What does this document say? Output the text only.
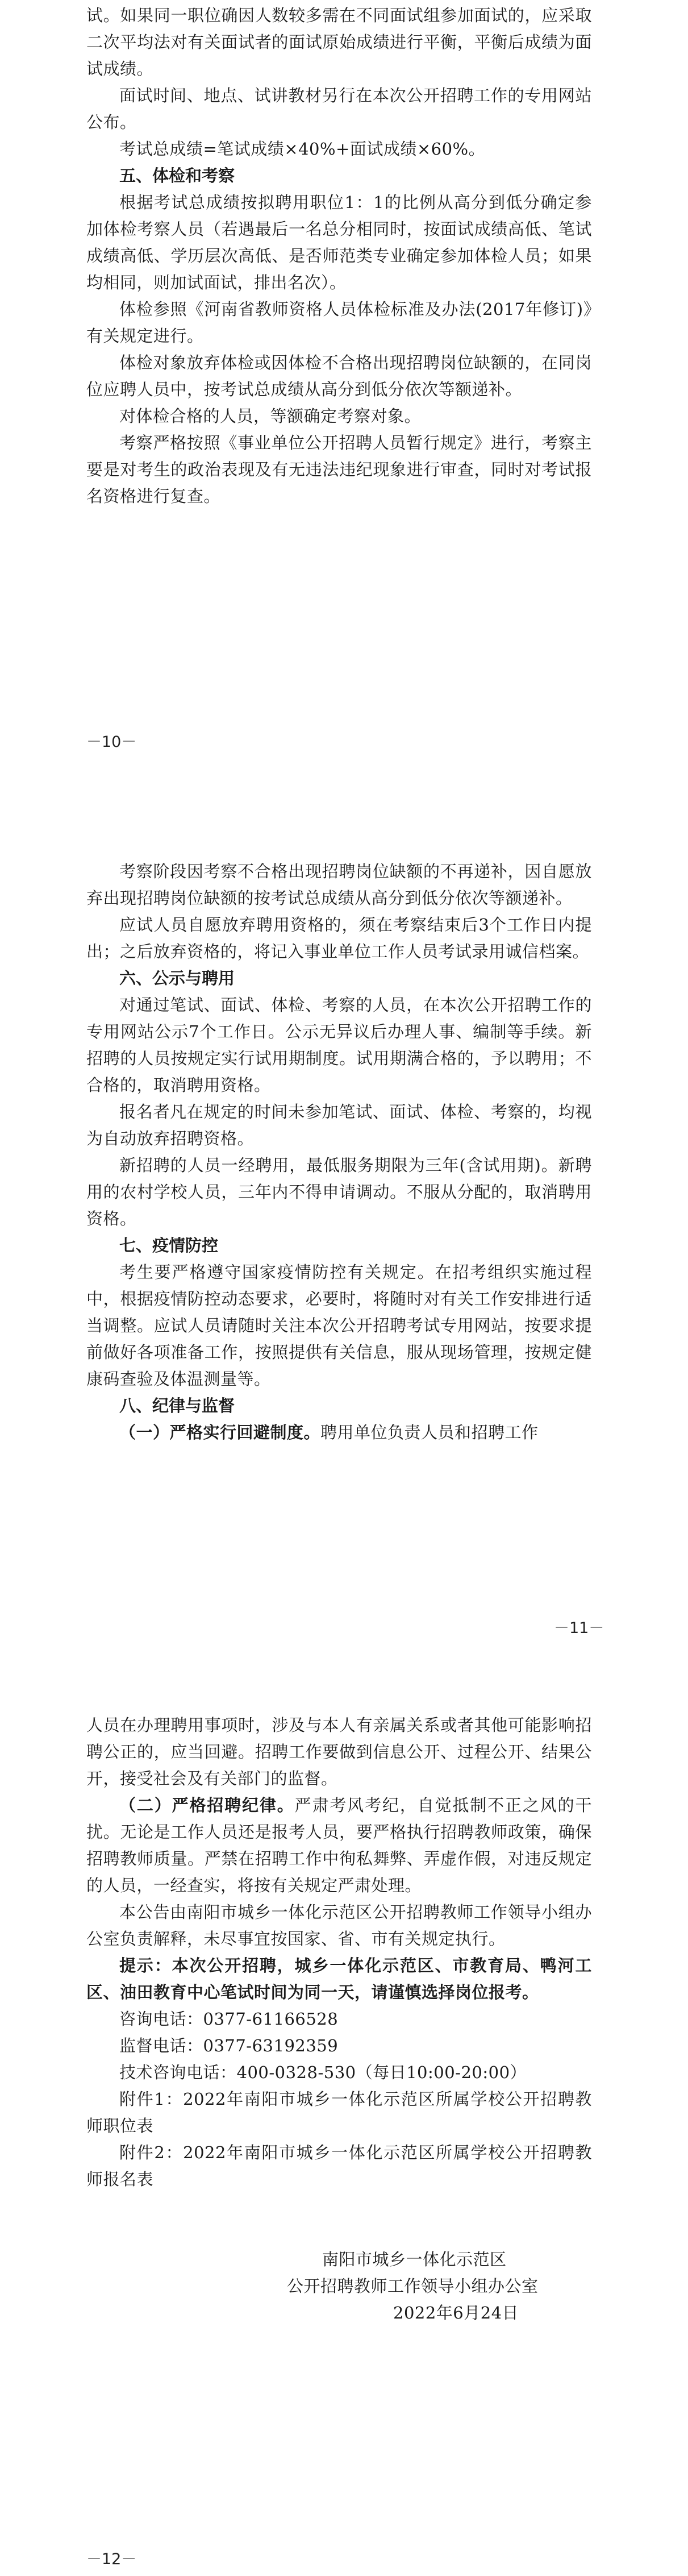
试。如果同一职位确因人数较多需在不同面试组参加面试的，应采取二次平均法对有关面试者的面试原始成绩进行平衡，平衡后成绩为面试成绩。

面试时间、地点、试讲教材另行在本次公开招聘工作的专用网站公布。

考试总成绩=笔试成绩×40%+面试成绩×60%。

五、体检和考察

根据考试总成绩按拟聘用职位1：1的比例从高分到低分确定参加体检考察人员（若遇最后一名总分相同时，按面试成绩高低、笔试成绩高低、学历层次高低、是否师范类专业确定参加体检人员；如果均相同，则加试面试，排出名次）。

体检参照《河南省教师资格人员体检标准及办法(2017年修订)》有关规定进行。

体检对象放弃体检或因体检不合格出现招聘岗位缺额的，在同岗位应聘人员中，按考试总成绩从高分到低分依次等额递补。

对体检合格的人员，等额确定考察对象。

考察严格按照《事业单位公开招聘人员暂行规定》进行，考察主要是对考生的政治表现及有无违法违纪现象进行审查，同时对考试报名资格进行复查。

－10－

考察阶段因考察不合格出现招聘岗位缺额的不再递补，因自愿放弃出现招聘岗位缺额的按考试总成绩从高分到低分依次等额递补。

应试人员自愿放弃聘用资格的，须在考察结束后3个工作日内提出；之后放弃资格的，将记入事业单位工作人员考试录用诚信档案。

六、公示与聘用

对通过笔试、面试、体检、考察的人员，在本次公开招聘工作的专用网站公示7个工作日。公示无异议后办理人事、编制等手续。新招聘的人员按规定实行试用期制度。试用期满合格的，予以聘用；不合格的，取消聘用资格。

报名者凡在规定的时间未参加笔试、面试、体检、考察的，均视为自动放弃招聘资格。

新招聘的人员一经聘用，最低服务期限为三年(含试用期)。新聘用的农村学校人员，三年内不得申请调动。不服从分配的，取消聘用资格。

七、疫情防控

考生要严格遵守国家疫情防控有关规定。在招考组织实施过程中，根据疫情防控动态要求，必要时，将随时对有关工作安排进行适当调整。应试人员请随时关注本次公开招聘考试专用网站，按要求提前做好各项准备工作，按照提供有关信息，服从现场管理，按规定健康码查验及体温测量等。

八、纪律与监督

（一）严格实行回避制度。聘用单位负责人员和招聘工作

－11－

人员在办理聘用事项时，涉及与本人有亲属关系或者其他可能影响招聘公正的，应当回避。招聘工作要做到信息公开、过程公开、结果公开，接受社会及有关部门的监督。

（二）严格招聘纪律。严肃考风考纪，自觉抵制不正之风的干扰。无论是工作人员还是报考人员，要严格执行招聘教师政策，确保招聘教师质量。严禁在招聘工作中徇私舞弊、弄虚作假，对违反规定的人员，一经查实，将按有关规定严肃处理。

本公告由南阳市城乡一体化示范区公开招聘教师工作领导小组办公室负责解释，未尽事宜按国家、省、市有关规定执行。

提示：本次公开招聘，城乡一体化示范区、市教育局、鸭河工区、油田教育中心笔试时间为同一天，请谨慎选择岗位报考。

咨询电话：0377-61166528

监督电话：0377-63192359

技术咨询电话：400-0328-530（每日10:00-20:00）

附件1：2022年南阳市城乡一体化示范区所属学校公开招聘教师职位表

附件2：2022年南阳市城乡一体化示范区所属学校公开招聘教师报名表

南阳市城乡一体化示范区

公开招聘教师工作领导小组办公室

2022年6月24日

－12－
